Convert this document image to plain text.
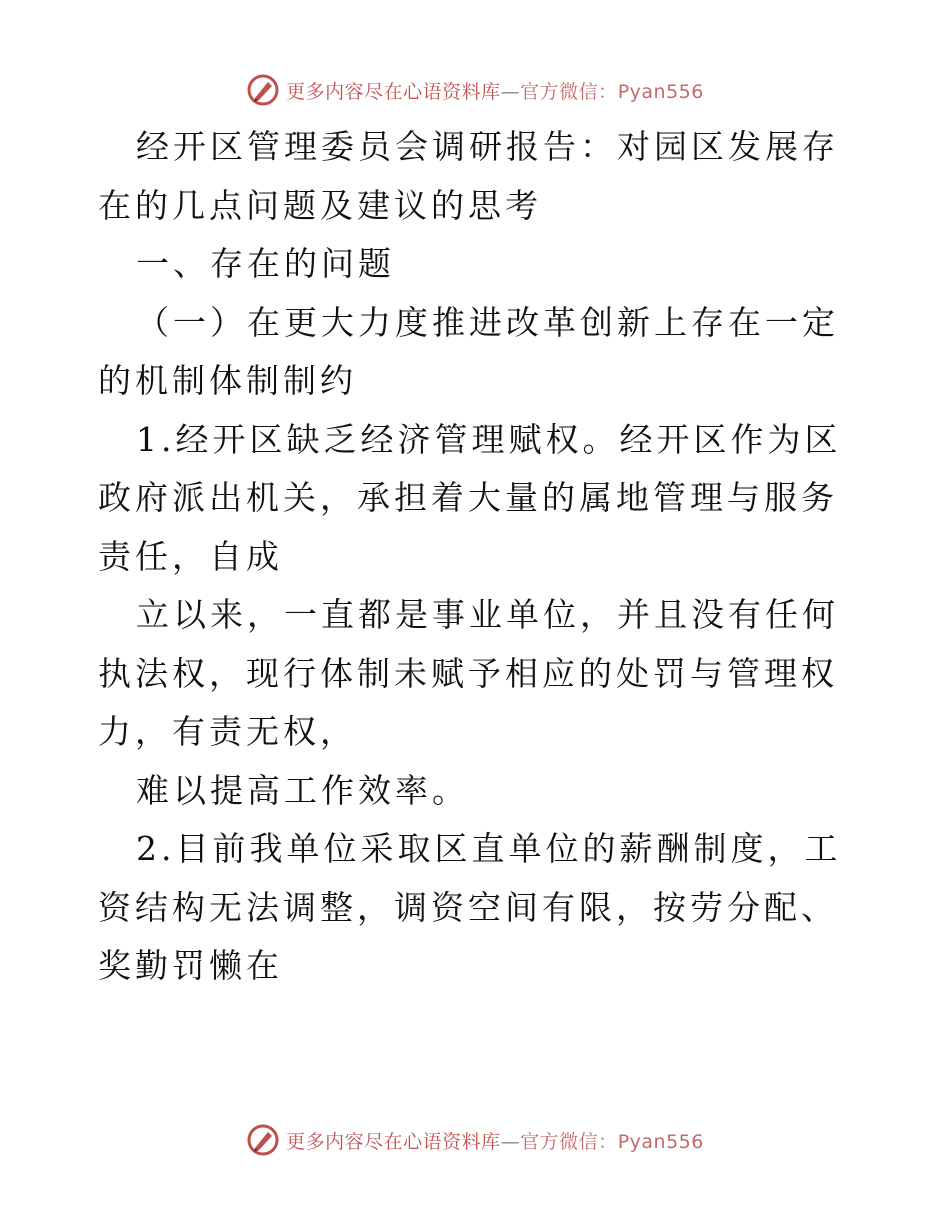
更多内容尽在心语资料库—官方微信：Pyan556

经开区管理委员会调研报告：对园区发展存在的几点问题及建议的思考

一、存在的问题

（一）在更大力度推进改革创新上存在一定的机制体制制约

1.经开区缺乏经济管理赋权。经开区作为区政府派出机关，承担着大量的属地管理与服务责任，自成

立以来，一直都是事业单位，并且没有任何执法权，现行体制未赋予相应的处罚与管理权力，有责无权，

难以提高工作效率。

2.目前我单位采取区直单位的薪酬制度，工资结构无法调整，调资空间有限，按劳分配、奖勤罚懒在

更多内容尽在心语资料库—官方微信：Pyan556
